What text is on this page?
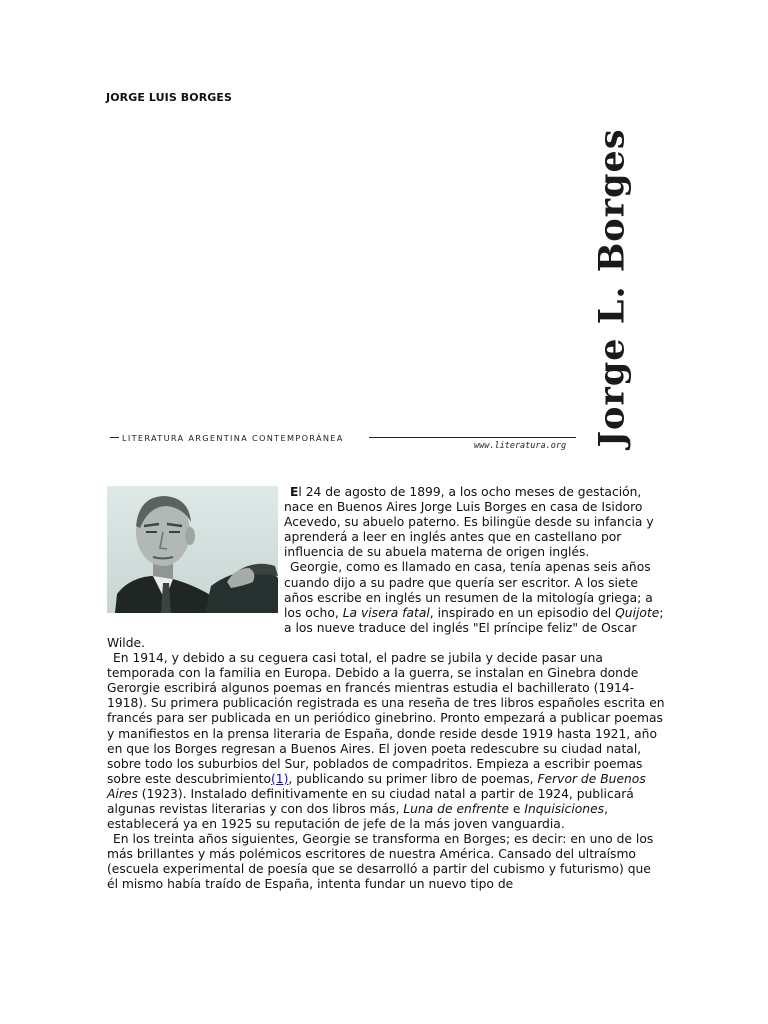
JORGE LUIS BORGES
Jorge L. Borges
LITERATURA ARGENTINA CONTEMPORÁNEA
www.literatura.org

El 24 de agosto de 1899, a los ocho meses de gestación, nace en Buenos Aires Jorge Luis Borges en casa de Isidoro Acevedo, su abuelo paterno. Es bilingüe desde su infancia y aprenderá a leer en inglés antes que en castellano por influencia de su abuela materna de origen inglés.

Georgie, como es llamado en casa, tenía apenas seis años cuando dijo a su padre que quería ser escritor. A los siete años escribe en inglés un resumen de la mitología griega; a los ocho, La visera fatal, inspirado en un episodio del Quijote; a los nueve traduce del inglés "El príncipe feliz" de Oscar Wilde.

En 1914, y debido a su ceguera casi total, el padre se jubila y decide pasar una temporada con la familia en Europa. Debido a la guerra, se instalan en Ginebra donde Gerorgie escribirá algunos poemas en francés mientras estudia el bachillerato (1914-1918). Su primera publicación registrada es una reseña de tres libros españoles escrita en francés para ser publicada en un periódico ginebrino. Pronto empezará a publicar poemas y manifiestos en la prensa literaria de España, donde reside desde 1919 hasta 1921, año en que los Borges regresan a Buenos Aires. El joven poeta redescubre su ciudad natal, sobre todo los suburbios del Sur, poblados de compadritos. Empieza a escribir poemas sobre este descubrimiento(1), publicando su primer libro de poemas, Fervor de Buenos Aires (1923). Instalado definitivamente en su ciudad natal a partir de 1924, publicará algunas revistas literarias y con dos libros más, Luna de enfrente e Inquisiciones, establecerá ya en 1925 su reputación de jefe de la más joven vanguardia.

En los treinta años siguientes, Georgie se transforma en Borges; es decir: en uno de los más brillantes y más polémicos escritores de nuestra América. Cansado del ultraísmo (escuela experimental de poesía que se desarrolló a partir del cubismo y futurismo) que él mismo había traído de España, intenta fundar un nuevo tipo de
